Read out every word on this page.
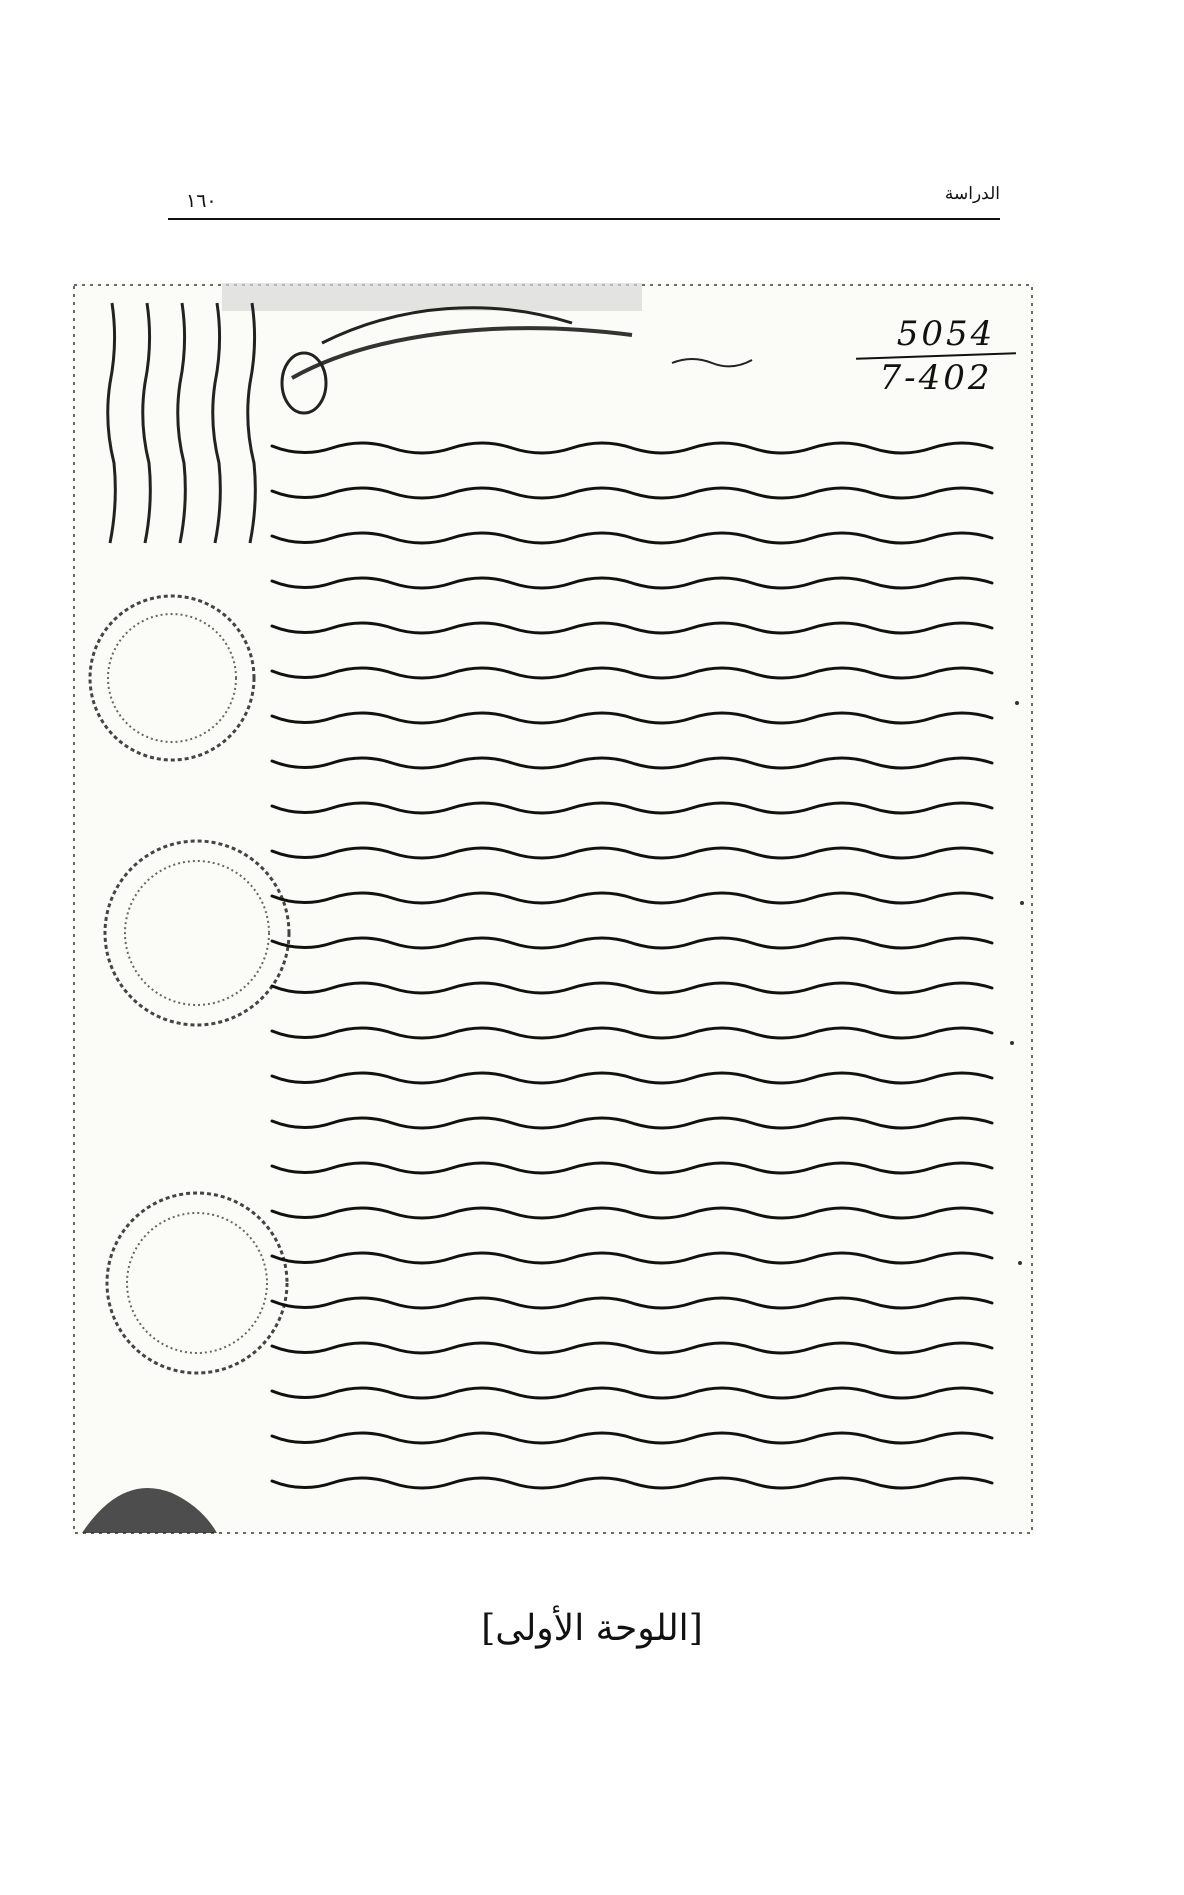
١٦٠	الدراسة
5054
7-402
[اللوحة الأولى]
